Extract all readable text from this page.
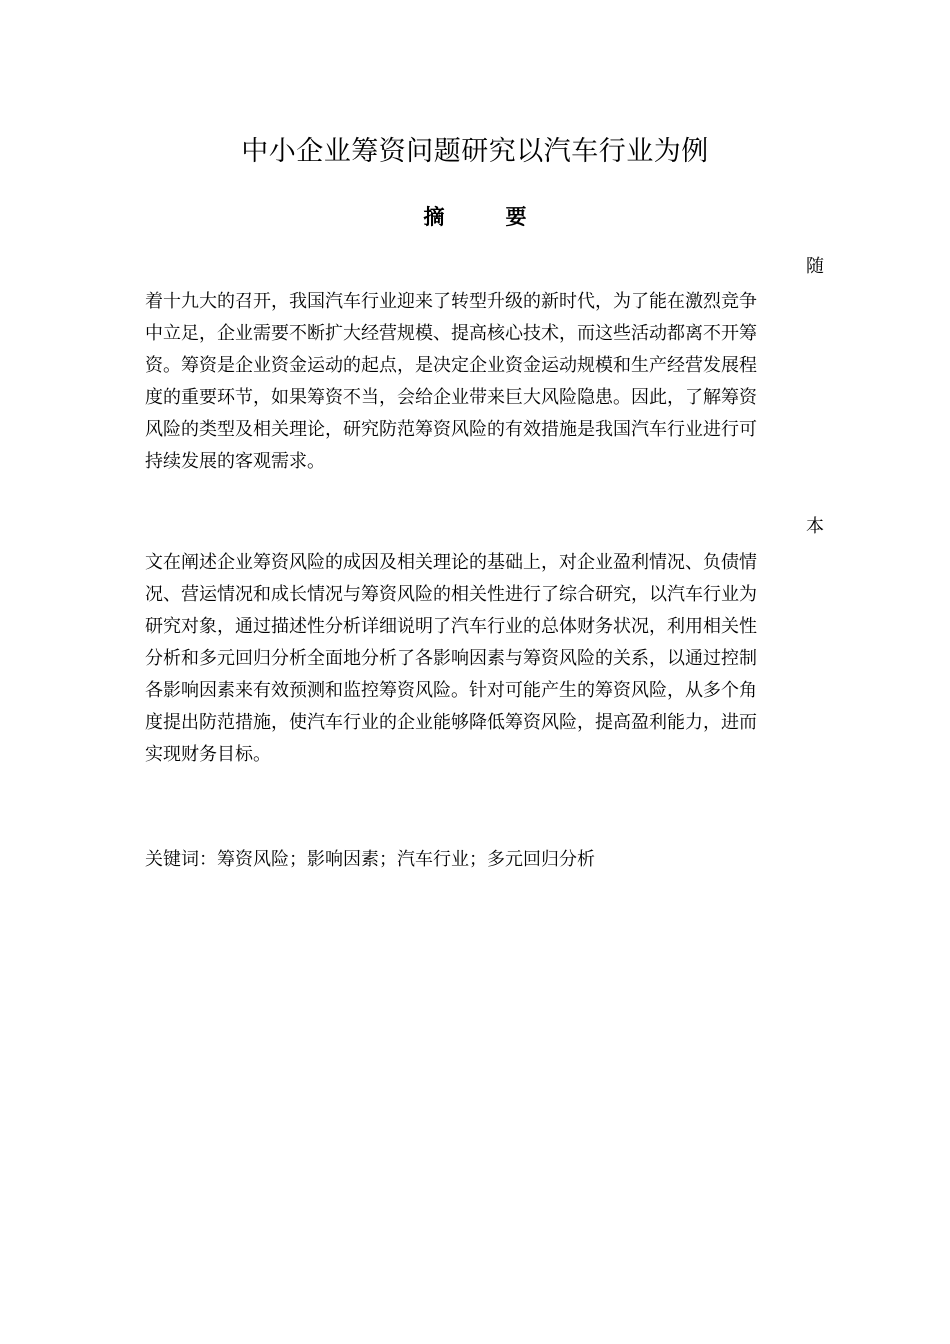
中小企业筹资问题研究以汽车行业为例
摘　要
随
着十九大的召开，我国汽车行业迎来了转型升级的新时代，为了能在激烈竞争
中立足，企业需要不断扩大经营规模、提高核心技术，而这些活动都离不开筹
资。筹资是企业资金运动的起点，是决定企业资金运动规模和生产经营发展程
度的重要环节，如果筹资不当，会给企业带来巨大风险隐患。因此，了解筹资
风险的类型及相关理论，研究防范筹资风险的有效措施是我国汽车行业进行可
持续发展的客观需求。
本
文在阐述企业筹资风险的成因及相关理论的基础上，对企业盈利情况、负债情
况、营运情况和成长情况与筹资风险的相关性进行了综合研究，以汽车行业为
研究对象，通过描述性分析详细说明了汽车行业的总体财务状况，利用相关性
分析和多元回归分析全面地分析了各影响因素与筹资风险的关系，以通过控制
各影响因素来有效预测和监控筹资风险。针对可能产生的筹资风险，从多个角
度提出防范措施，使汽车行业的企业能够降低筹资风险，提高盈利能力，进而
实现财务目标。
关键词：筹资风险；影响因素；汽车行业；多元回归分析
